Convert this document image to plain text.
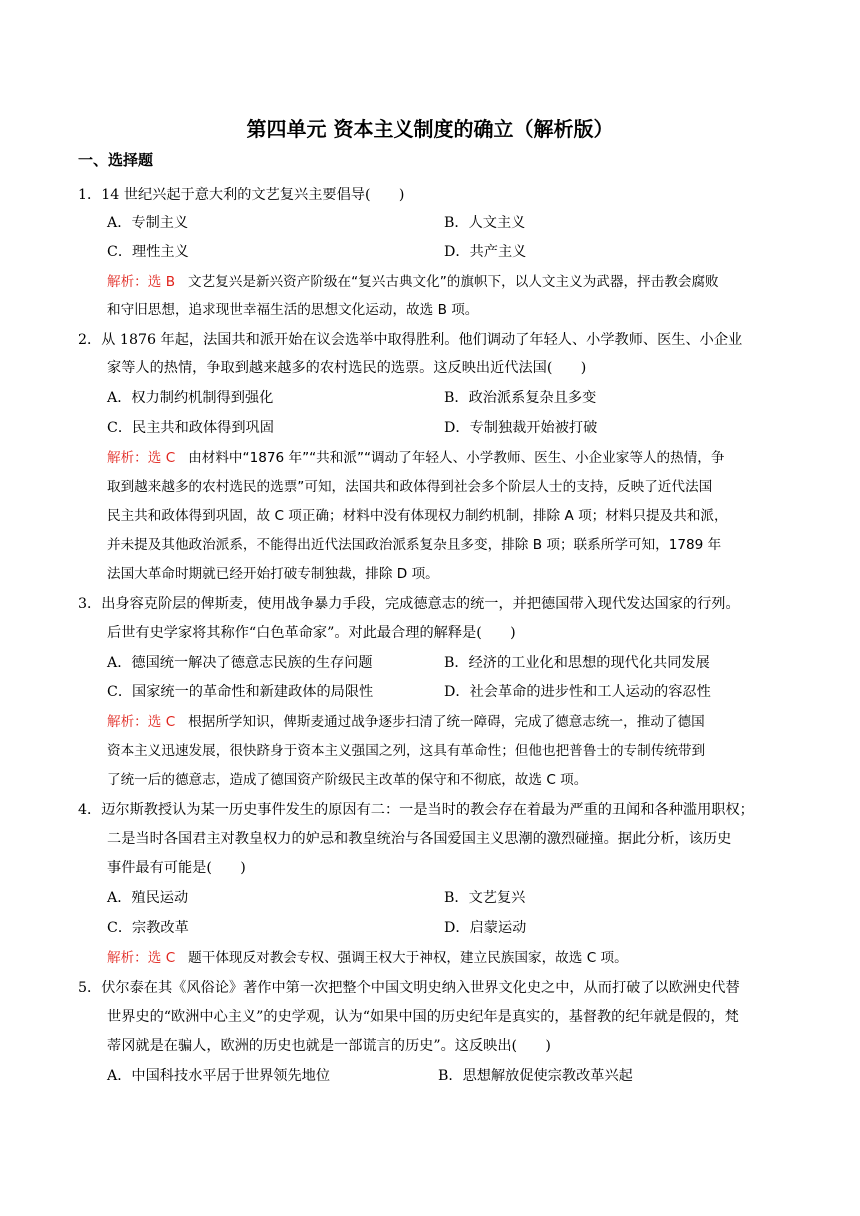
第四单元 资本主义制度的确立（解析版）
一、选择题
1．14 世纪兴起于意大利的文艺复兴主要倡导(　　)
A．专制主义	B．人文主义
C．理性主义	D．共产主义
解析：选 B 文艺复兴是新兴资产阶级在“复兴古典文化”的旗帜下，以人文主义为武器，抨击教会腐败
和守旧思想，追求现世幸福生活的思想文化运动，故选 B 项。
2．从 1876 年起，法国共和派开始在议会选举中取得胜利。他们调动了年轻人、小学教师、医生、小企业
家等人的热情，争取到越来越多的农村选民的选票。这反映出近代法国(　　)
A．权力制约机制得到强化	B．政治派系复杂且多变
C．民主共和政体得到巩固	D．专制独裁开始被打破
解析：选 C 由材料中“1876 年”“共和派”“调动了年轻人、小学教师、医生、小企业家等人的热情，争
取到越来越多的农村选民的选票”可知，法国共和政体得到社会多个阶层人士的支持，反映了近代法国
民主共和政体得到巩固，故 C 项正确；材料中没有体现权力制约机制，排除 A 项；材料只提及共和派，
并未提及其他政治派系，不能得出近代法国政治派系复杂且多变，排除 B 项；联系所学可知，1789 年
法国大革命时期就已经开始打破专制独裁，排除 D 项。
3．出身容克阶层的俾斯麦，使用战争暴力手段，完成德意志的统一，并把德国带入现代发达国家的行列。
后世有史学家将其称作“白色革命家”。对此最合理的解释是(　　)
A．德国统一解决了德意志民族的生存问题	B．经济的工业化和思想的现代化共同发展
C．国家统一的革命性和新建政体的局限性	D．社会革命的进步性和工人运动的容忍性
解析：选 C 根据所学知识，俾斯麦通过战争逐步扫清了统一障碍，完成了德意志统一，推动了德国
资本主义迅速发展，很快跻身于资本主义强国之列，这具有革命性；但他也把普鲁士的专制传统带到
了统一后的德意志，造成了德国资产阶级民主改革的保守和不彻底，故选 C 项。
4．迈尔斯教授认为某一历史事件发生的原因有二：一是当时的教会存在着最为严重的丑闻和各种滥用职权；
二是当时各国君主对教皇权力的妒忌和教皇统治与各国爱国主义思潮的激烈碰撞。据此分析，该历史
事件最有可能是(　　)
A．殖民运动	B．文艺复兴
C．宗教改革	D．启蒙运动
解析：选 C 题干体现反对教会专权、强调王权大于神权，建立民族国家，故选 C 项。
5．伏尔泰在其《风俗论》著作中第一次把整个中国文明史纳入世界文化史之中，从而打破了以欧洲史代替
世界史的“欧洲中心主义”的史学观，认为“如果中国的历史纪年是真实的，基督教的纪年就是假的，梵
蒂冈就是在骗人，欧洲的历史也就是一部谎言的历史”。这反映出(　　)
A．中国科技水平居于世界领先地位	B．思想解放促使宗教改革兴起
